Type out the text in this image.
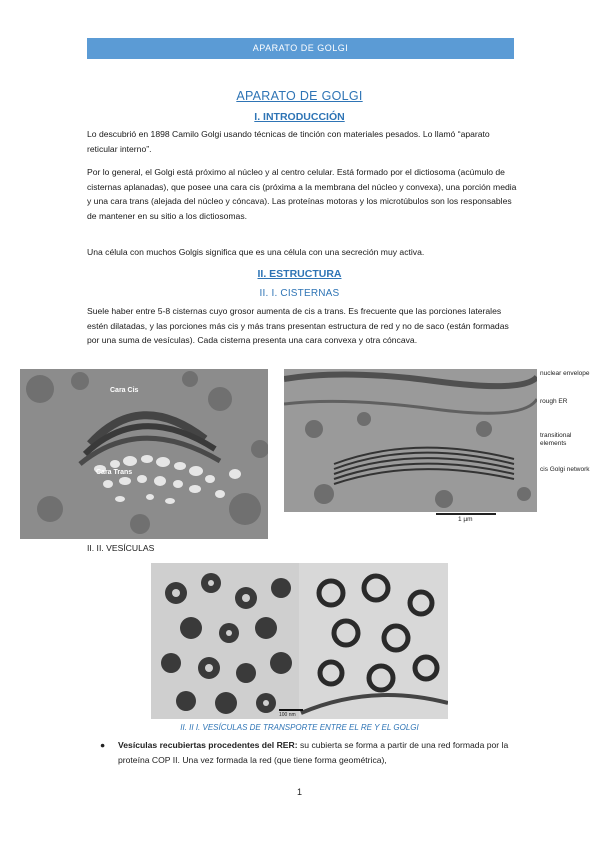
APARATO DE GOLGI
APARATO DE GOLGI
I. INTRODUCCIÓN
Lo descubrió en 1898 Camilo Golgi usando técnicas de tinción con materiales pesados. Lo llamó “aparato reticular interno”.
Por lo general, el Golgi está próximo al núcleo y al centro celular. Está formado por el dictiosoma (acúmulo de cisternas aplanadas), que posee una cara cis (próxima a la membrana del núcleo y convexa), una porción media y una cara trans (alejada del núcleo y cóncava). Las proteínas motoras y los microtúbulos son los responsables de mantener en su sitio a los dictiosomas.
Una célula con muchos Golgis significa que es una célula con una secreción muy activa.
II. ESTRUCTURA
II. I. CISTERNAS
Suele haber entre 5-8 cisternas cuyo grosor aumenta de cis a trans. Es frecuente que las porciones laterales estén dilatadas, y las porciones más cis y más trans presentan estructura de red y no de saco (están formadas por una suma de vesículas). Cada cisterna presenta una cara convexa y otra cóncava.
Cara Cis
Cara Trans
nuclear envelope
rough ER
transitional elements
cis Golgi network
1 µm
II. II. VESÍCULAS
100 nm
II. II I. VESÍCULAS DE TRANSPORTE ENTRE EL RE Y EL GOLGI
● Vesículas recubiertas procedentes del RER: su cubierta se forma a partir de una red formada por la proteína COP II. Una vez formada la red (que tiene forma geométrica),
1
